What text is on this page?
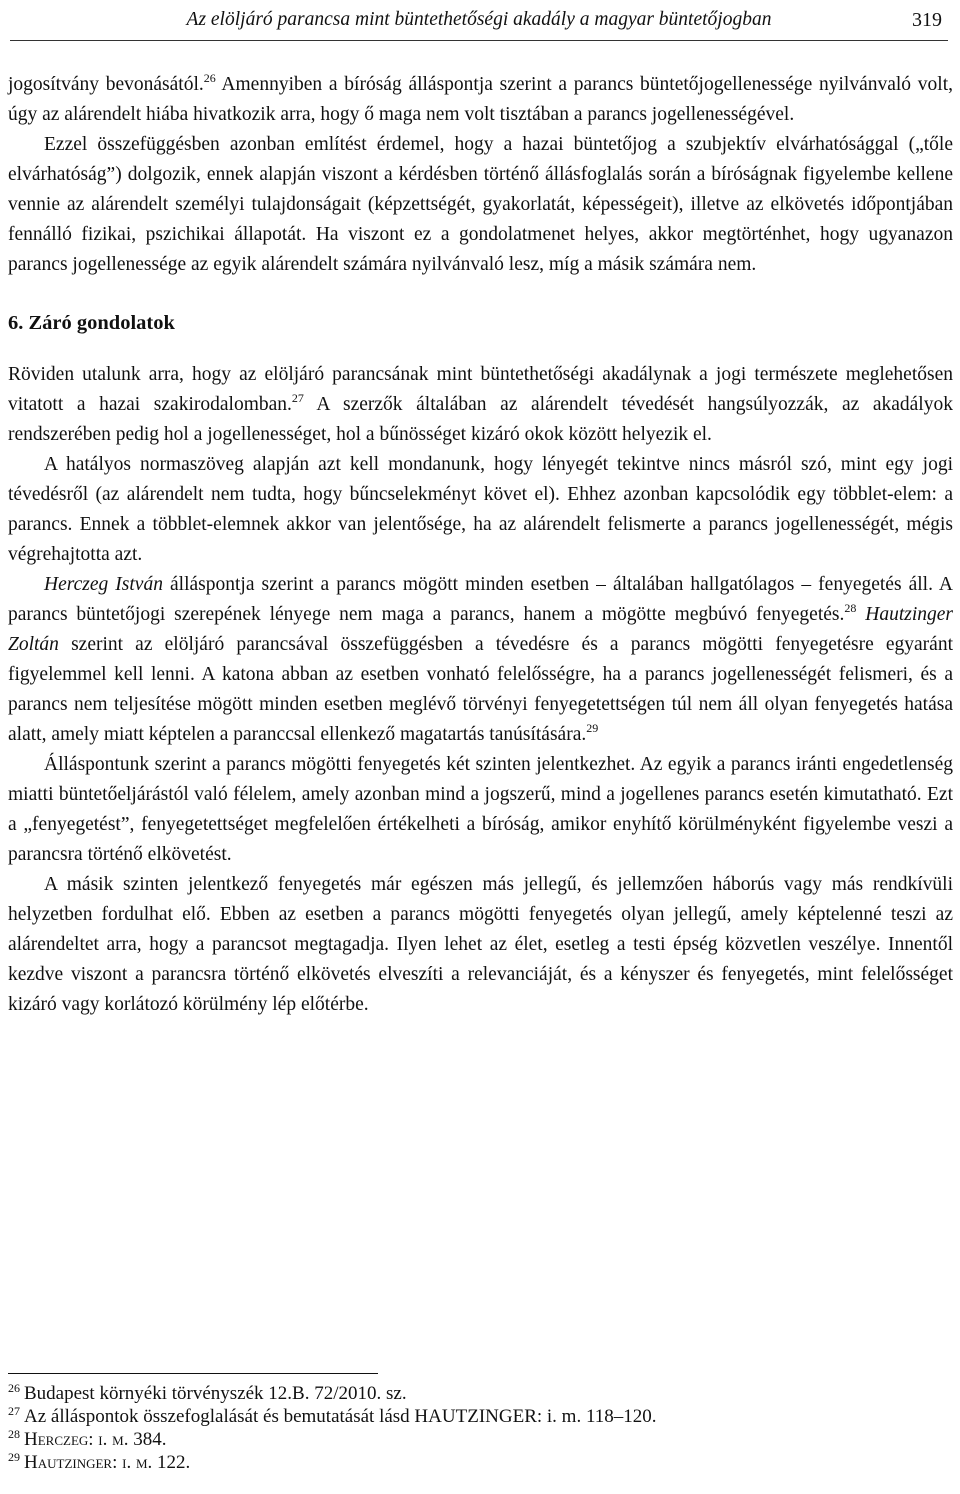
Az elöljáró parancsa mint büntethetőségi akadály a magyar büntetőjogban	319

jogosítvány bevonásától.$^{26}$ Amennyiben a bíróság álláspontja szerint a parancs büntetőjogellenessége nyilvánvaló volt, úgy az alárendelt hiába hivatkozik arra, hogy ő maga nem volt tisztában a parancs jogellenességével.

Ezzel összefüggésben azonban említést érdemel, hogy a hazai büntetőjog a szubjektív elvárhatósággal („tőle elvárhatóság”) dolgozik, ennek alapján viszont a kérdésben történő állásfoglalás során a bíróságnak figyelembe kellene vennie az alárendelt személyi tulajdonságait (képzettségét, gyakorlatát, képességeit), illetve az elkövetés időpontjában fennálló fizikai, pszichikai állapotát. Ha viszont ez a gondolatmenet helyes, akkor megtörténhet, hogy ugyanazon parancs jogellenessége az egyik alárendelt számára nyilvánvaló lesz, míg a másik számára nem.

6. Záró gondolatok

Röviden utalunk arra, hogy az elöljáró parancsának mint büntethetőségi akadálynak a jogi természete meglehetősen vitatott a hazai szakirodalomban.$^{27}$ A szerzők általában az alárendelt tévedését hangsúlyozzák, az akadályok rendszerében pedig hol a jogellenességet, hol a bűnösséget kizáró okok között helyezik el.

A hatályos normaszöveg alapján azt kell mondanunk, hogy lényegét tekintve nincs másról szó, mint egy jogi tévedésről (az alárendelt nem tudta, hogy bűncselekményt követ el). Ehhez azonban kapcsolódik egy többlet-elem: a parancs. Ennek a többlet-elemnek akkor van jelentősége, ha az alárendelt felismerte a parancs jogellenességét, mégis végrehajtotta azt.

Herczeg István álláspontja szerint a parancs mögött minden esetben – általában hallgatólagos – fenyegetés áll. A parancs büntetőjogi szerepének lényege nem maga a parancs, hanem a mögötte megbúvó fenyegetés.$^{28}$ Hautzinger Zoltán szerint az elöljáró parancsával összefüggésben a tévedésre és a parancs mögötti fenyegetésre egyaránt figyelemmel kell lenni. A katona abban az esetben vonható felelősségre, ha a parancs jogellenességét felismeri, és a parancs nem teljesítése mögött minden esetben meglévő törvényi fenyegetettségen túl nem áll olyan fenyegetés hatása alatt, amely miatt képtelen a paranccsal ellenkező magatartás tanúsítására.$^{29}$

Álláspontunk szerint a parancs mögötti fenyegetés két szinten jelentkezhet. Az egyik a parancs iránti engedetlenség miatti büntetőeljárástól való félelem, amely azonban mind a jogszerű, mind a jogellenes parancs esetén kimutatható. Ezt a „fenyegetést”, fenyegetettséget megfelelően értékelheti a bíróság, amikor enyhítő körülményként figyelembe veszi a parancsra történő elkövetést.

A másik szinten jelentkező fenyegetés már egészen más jellegű, és jellemzően háborús vagy más rendkívüli helyzetben fordulhat elő. Ebben az esetben a parancs mögötti fenyegetés olyan jellegű, amely képtelenné teszi az alárendeltet arra, hogy a parancsot megtagadja. Ilyen lehet az élet, esetleg a testi épség közvetlen veszélye. Innentől kezdve viszont a parancsra történő elkövetés elveszíti a relevanciáját, és a kényszer és fenyegetés, mint felelősséget kizáró vagy korlátozó körülmény lép előtérbe.

$^{26}$ Budapest környéki törvényszék 12.B. 72/2010. sz.
$^{27}$ Az álláspontok összefoglalását és bemutatását lásd HAUTZINGER: i. m. 118–120.
$^{28}$ Herczeg: i. m. 384.
$^{29}$ Hautzinger: i. m. 122.
